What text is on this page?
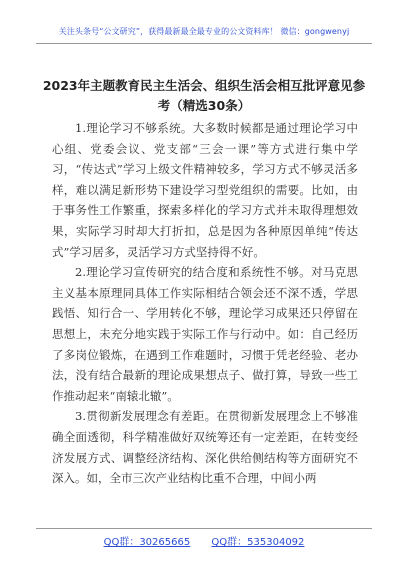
关注头条号“公文研究”，获得最新最全最专业的公文资料库！ 微信：gongwenyj
2023年主题教育民主生活会、组织生活会相互批评意见参
考（精选30条）

1.理论学习不够系统。大多数时候都是通过理论学习中心组、党委会议、党支部“三会一课”等方式进行集中学习，“传达式”学习上级文件精神较多，学习方式不够灵活多样，难以满足新形势下建设学习型党组织的需要。比如，由于事务性工作繁重，探索多样化的学习方式并未取得理想效果，实际学习时却大打折扣，总是因为各种原因单纯“传达式”学习居多，灵活学习方式坚持得不好。

2.理论学习宣传研究的结合度和系统性不够。对马克思主义基本原理同具体工作实际相结合领会还不深不透，学思践悟、知行合一、学用转化不够，理论学习成果还只停留在思想上，未充分地实践于实际工作与行动中。如：自己经历了多岗位锻炼，在遇到工作难题时，习惯于凭老经验、老办法，没有结合最新的理论成果想点子、做打算，导致一些工作推动起来“南辕北辙”。

3.贯彻新发展理念有差距。在贯彻新发展理念上不够准确全面透彻，科学精准做好双统筹还有一定差距，在转变经济发展方式、调整经济结构、深化供给侧结构等方面研究不深入。如，全市三次产业结构比重不合理，中间小两

QQ群：30265665 QQ群：535304092
